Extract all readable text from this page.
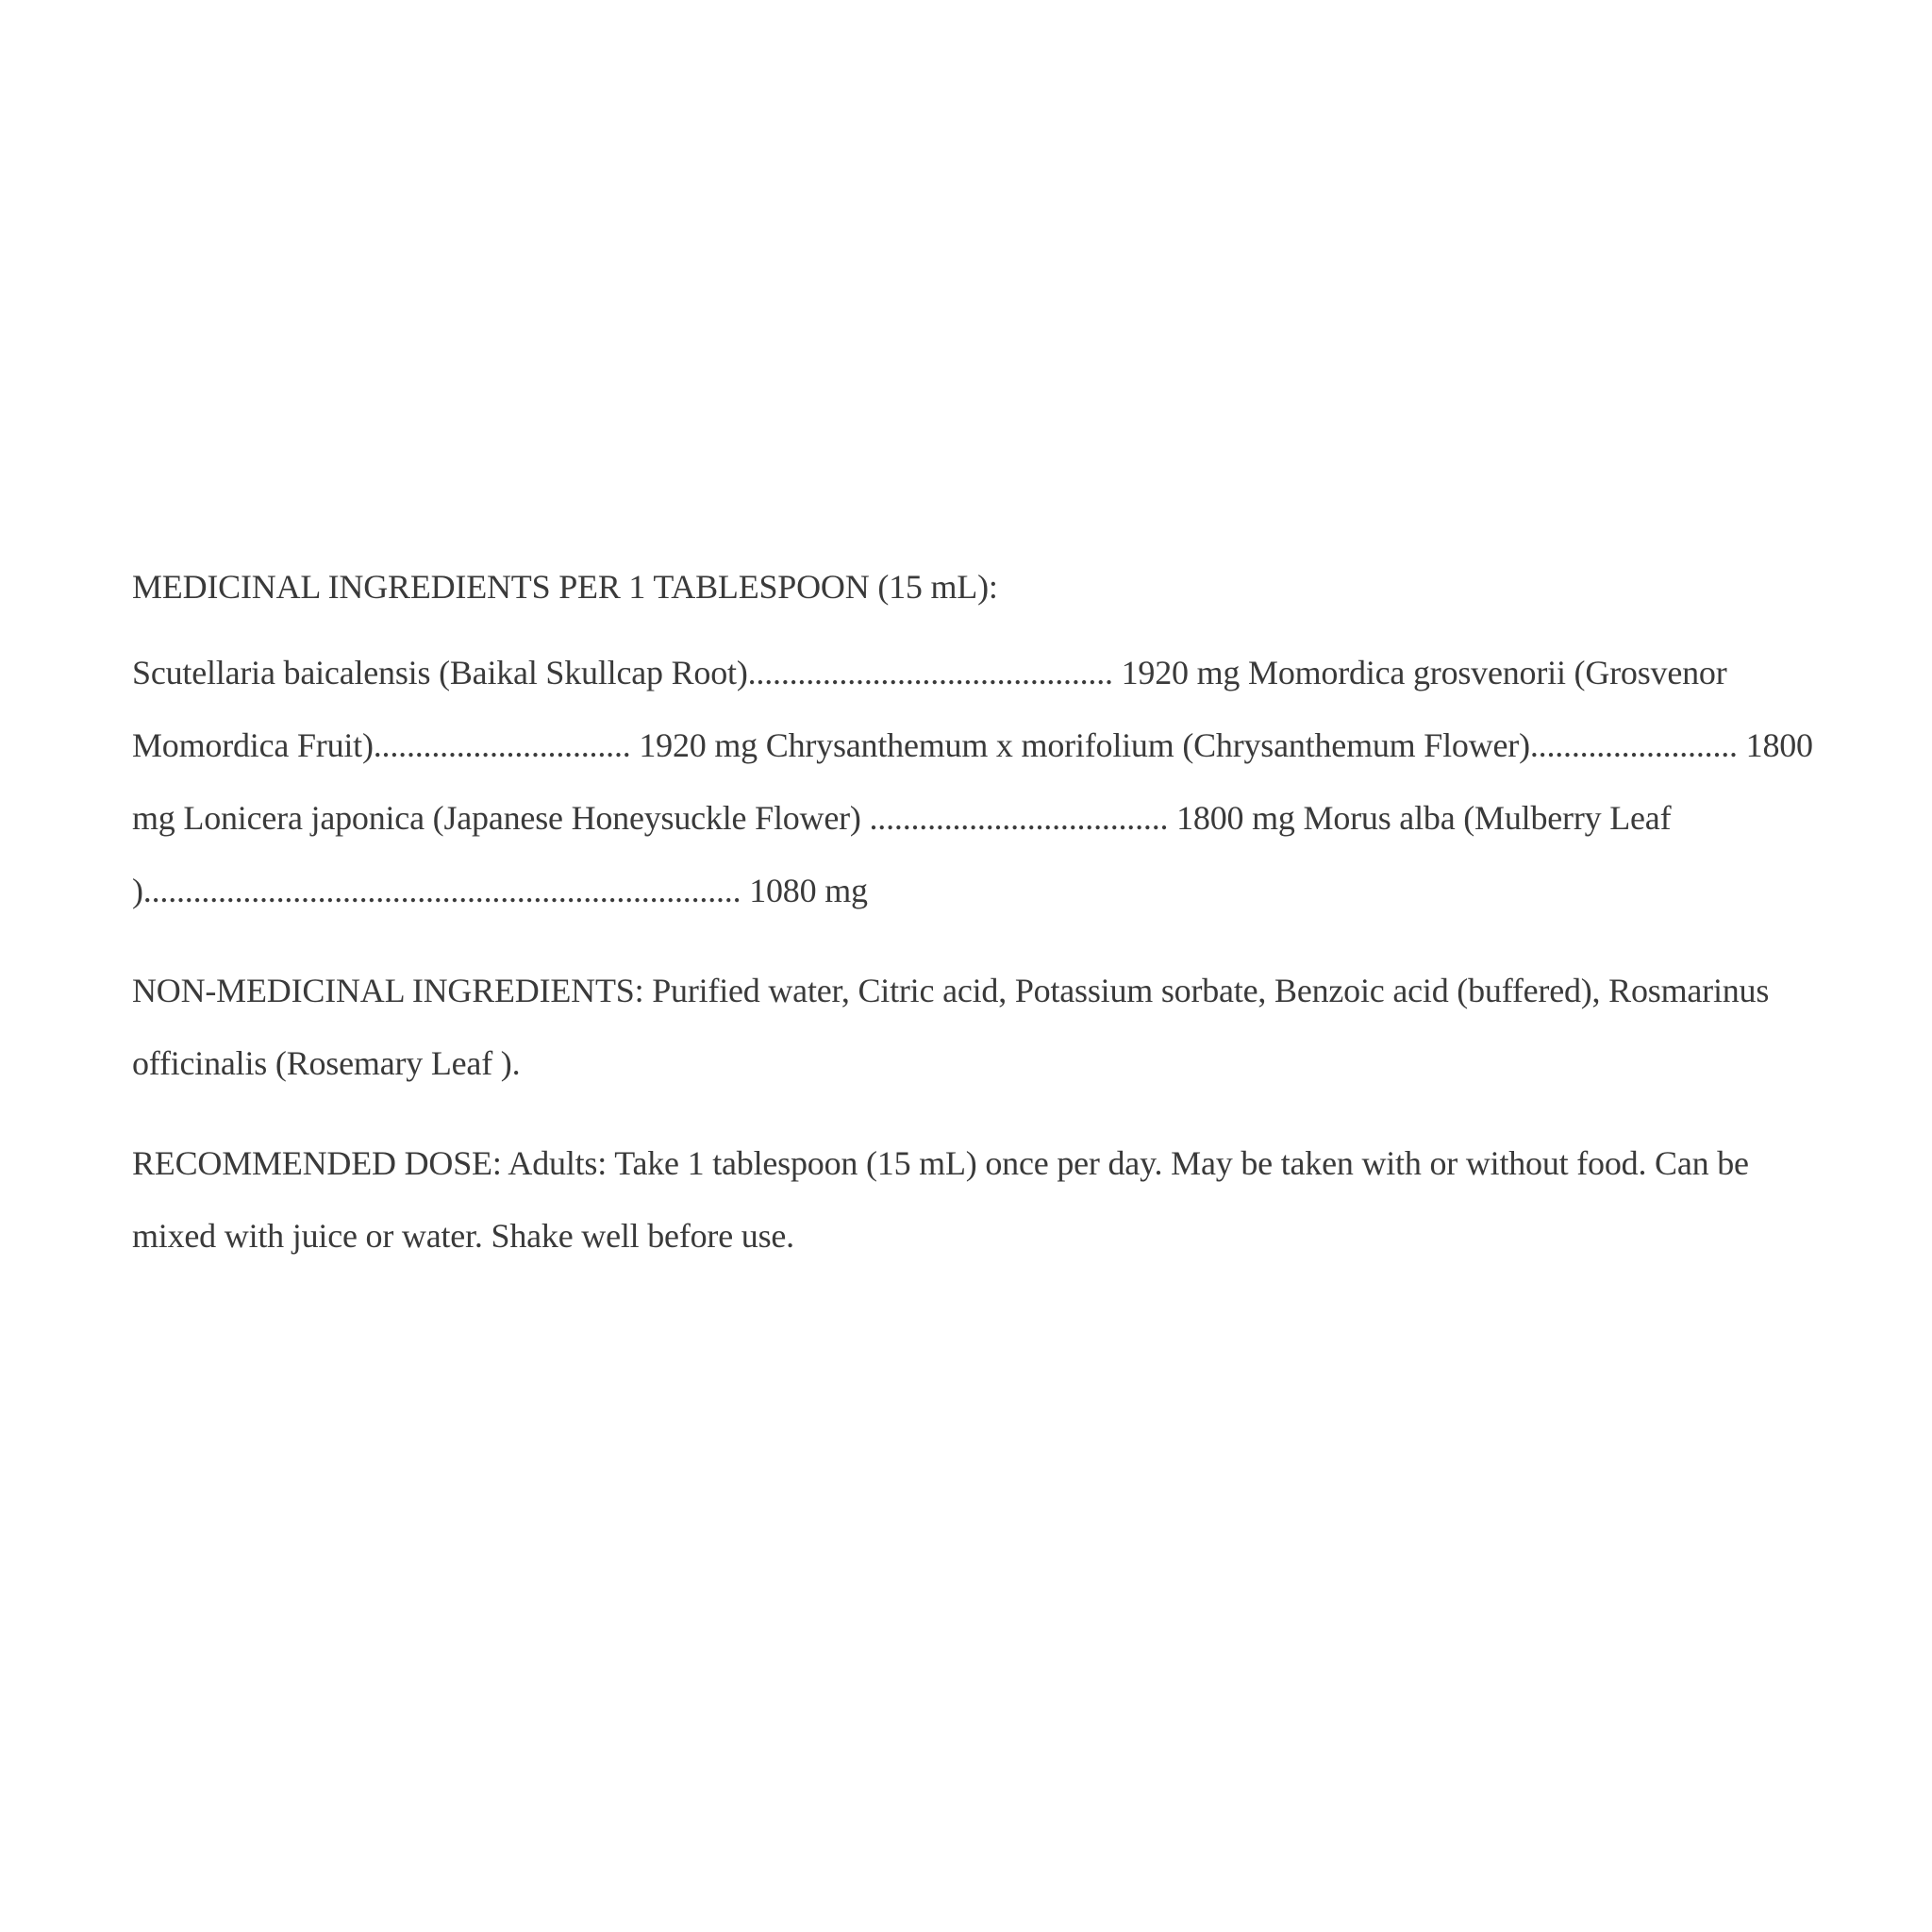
MEDICINAL INGREDIENTS PER 1 TABLESPOON (15 mL):

Scutellaria baicalensis (Baikal Skullcap Root)............................................ 1920 mg Momordica grosvenorii (Grosvenor Momordica Fruit)............................... 1920 mg Chrysanthemum x morifolium (Chrysanthemum Flower)......................... 1800 mg Lonicera japonica (Japanese Honeysuckle Flower) .................................... 1800 mg Morus alba (Mulberry Leaf )........................................................................ 1080 mg

NON-MEDICINAL INGREDIENTS: Purified water, Citric acid, Potassium sorbate, Benzoic acid (buffered), Rosmarinus officinalis (Rosemary Leaf ).

RECOMMENDED DOSE: Adults: Take 1 tablespoon (15 mL) once per day. May be taken with or without food. Can be mixed with juice or water. Shake well before use.
